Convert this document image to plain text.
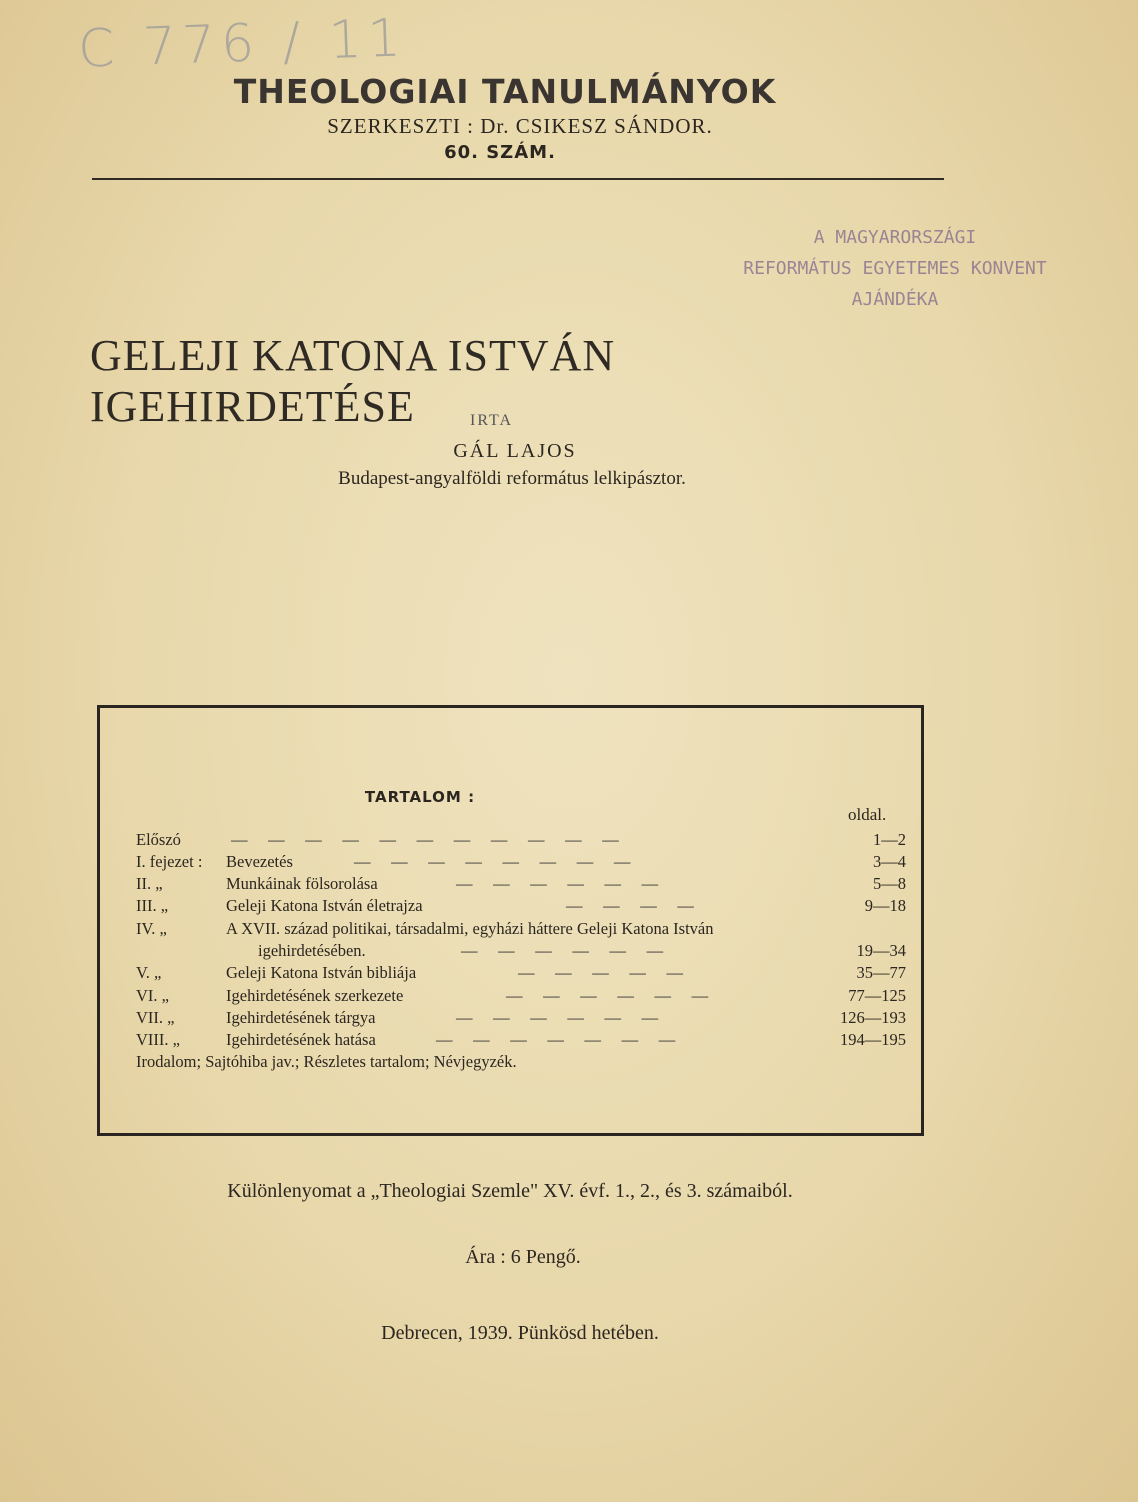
C 776 / 11
THEOLOGIAI TANULMÁNYOK
SZERKESZTI : Dr. CSIKESZ SÁNDOR.
60. SZÁM.
A MAGYARORSZÁGI
REFORMÁTUS EGYETEMES KONVENT
AJÁNDÉKA
GELEJI KATONA ISTVÁN IGEHIRDETÉSE	IRTA
GÁL LAJOS
Budapest-angyalföldi református lelkipásztor.
TARTALOM :
oldal.
Előszó	—  —  —  —  —  —  —  —  —  —  —	1—2
I. fejezet : Bevezetés	—  —  —  —  —  —  —  —	3—4
II. „	Munkáinak fölsorolása	—  —  —  —  —  —	5—8
III. „	Geleji Katona István életrajza	—  —  —  —	9—18
IV. „	A XVII. század politikai, társadalmi, egyházi háttere Geleji Katona István
igehirdetésében.	—  —  —  —  —  —	19—34
V. „	Geleji Katona István bibliája	—  —  —  —  —	35—77
VI. „	Igehirdetésének szerkezete	—  —  —  —  —  —	77—125
VII. „	Igehirdetésének tárgya	—  —  —  —  —  —	126—193
VIII. „	Igehirdetésének hatása	—  —  —  —  —  —  —	194—195
Irodalom; Sajtóhiba jav.; Részletes tartalom; Névjegyzék.
Különlenyomat a „Theologiai Szemle" XV. évf. 1., 2., és 3. számaiból.
Ára : 6 Pengő.
Debrecen, 1939. Pünkösd hetében.
